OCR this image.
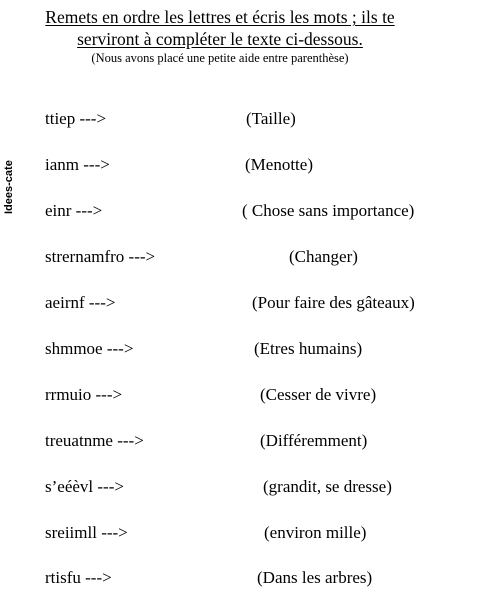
Remets en ordre les lettres et écris les mots ; ils te
serviront à compléter le texte ci-dessous.
(Nous avons placé une petite aide entre parenthèse)
Idees-cate
ttiep --->	(Taille)
ianm --->	(Menotte)
einr --->	( Chose sans importance)
strernamfro --->	(Changer)
aeirnf --->	(Pour faire des gâteaux)
shmmoe --->	(Etres humains)
rrmuio --->	(Cesser de vivre)
treuatnme --->	(Différemment)
s’eéèvl --->	(grandit, se dresse)
sreiimll --->	(environ mille)
rtisfu --->	(Dans les arbres)
